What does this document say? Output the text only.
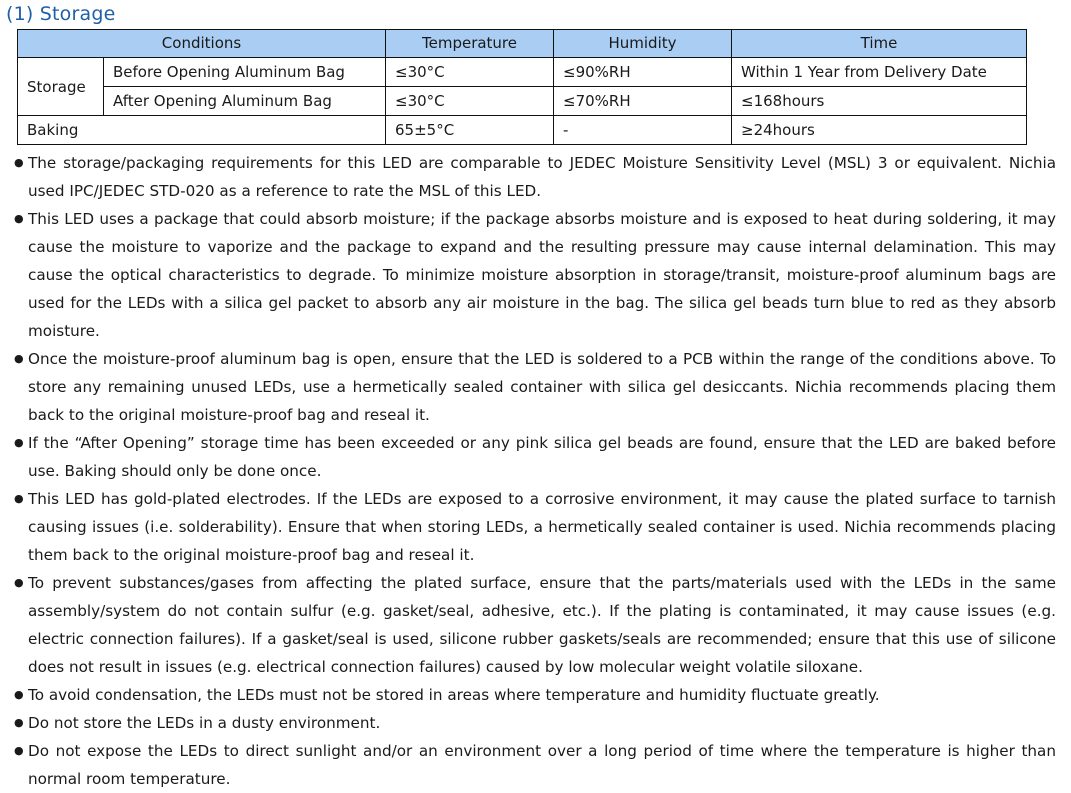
(1) Storage
Conditions		Temperature	Humidity	Time
Storage	Before Opening Aluminum Bag	≤30°C	≤90%RH	Within 1 Year from Delivery Date
	After Opening Aluminum Bag	≤30°C	≤70%RH	≤168hours
Baking		65±5°C	-	≥24hours
● The storage/packaging requirements for this LED are comparable to JEDEC Moisture Sensitivity Level (MSL) 3 or equivalent. Nichia used IPC/JEDEC STD-020 as a reference to rate the MSL of this LED.
● This LED uses a package that could absorb moisture; if the package absorbs moisture and is exposed to heat during soldering, it may cause the moisture to vaporize and the package to expand and the resulting pressure may cause internal delamination. This may cause the optical characteristics to degrade. To minimize moisture absorption in storage/transit, moisture-proof aluminum bags are used for the LEDs with a silica gel packet to absorb any air moisture in the bag. The silica gel beads turn blue to red as they absorb moisture.
● Once the moisture-proof aluminum bag is open, ensure that the LED is soldered to a PCB within the range of the conditions above. To store any remaining unused LEDs, use a hermetically sealed container with silica gel desiccants. Nichia recommends placing them back to the original moisture-proof bag and reseal it.
● If the “After Opening” storage time has been exceeded or any pink silica gel beads are found, ensure that the LED are baked before use. Baking should only be done once.
● This LED has gold-plated electrodes. If the LEDs are exposed to a corrosive environment, it may cause the plated surface to tarnish causing issues (i.e. solderability). Ensure that when storing LEDs, a hermetically sealed container is used. Nichia recommends placing them back to the original moisture-proof bag and reseal it.
● To prevent substances/gases from affecting the plated surface, ensure that the parts/materials used with the LEDs in the same assembly/system do not contain sulfur (e.g. gasket/seal, adhesive, etc.). If the plating is contaminated, it may cause issues (e.g. electric connection failures). If a gasket/seal is used, silicone rubber gaskets/seals are recommended; ensure that this use of silicone does not result in issues (e.g. electrical connection failures) caused by low molecular weight volatile siloxane.
● To avoid condensation, the LEDs must not be stored in areas where temperature and humidity fluctuate greatly.
● Do not store the LEDs in a dusty environment.
● Do not expose the LEDs to direct sunlight and/or an environment over a long period of time where the temperature is higher than normal room temperature.
